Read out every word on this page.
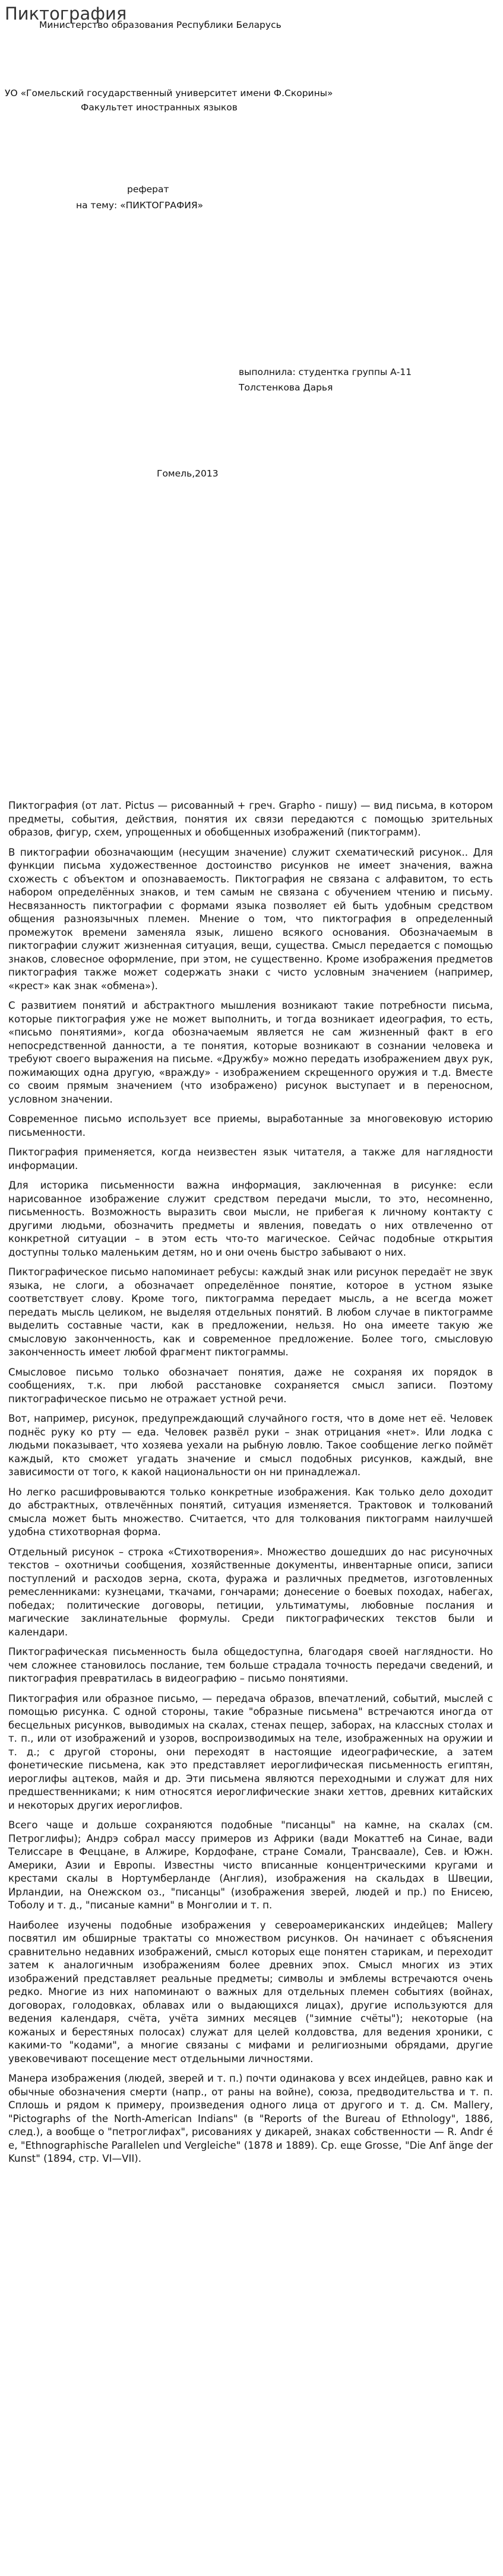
Пиктография
Министерство образования Республики Беларусь
УО «Гомельский государственный университет имени Ф.Скорины»
Факультет иностранных языков
реферат
на тему: «ПИКТОГРАФИЯ»
выполнила: студентка группы А-11
Толстенкова Дарья
Гомель,2013

Пиктография (от лат. Pictus — рисованный + греч. Grapho - пишу) — вид письма, в котором предметы, события, действия, понятия их связи передаются с помощью зрительных образов, фигур, схем, упрощенных и обобщенных изображений (пиктограмм).

В пиктографии обозначающим (несущим значение) служит схематический рисунок.. Для функции письма художественное достоинство рисунков не имеет значения, важна схожесть с объектом и опознаваемость. Пиктография не связана с алфавитом, то есть набором определённых знаков, и тем самым не связана с обучением чтению и письму. Несвязанность пиктографии с формами языка позволяет ей быть удобным средством общения разноязычных племен. Мнение о том, что пиктография в определенный промежуток времени заменяла язык, лишено всякого основания. Обозначаемым в пиктографии служит жизненная ситуация, вещи, существа. Смысл передается с помощью знаков, словесное оформление, при этом, не существенно. Кроме изображения предметов пиктография также может содержать знаки с чисто условным значением (например, «крест» как знак «обмена»).

С развитием понятий и абстрактного мышления возникают такие потребности письма, которые пиктография уже не может выполнить, и тогда возникает идеография, то есть, «письмо понятиями», когда обозначаемым является не сам жизненный факт в его непосредственной данности, а те понятия, которые возникают в сознании человека и требуют своего выражения на письме. «Дружбу» можно передать изображением двух рук, пожимающих одна другую, «вражду» - изображением скрещенного оружия и т.д. Вместе со своим прямым значением (что изображено) рисунок выступает и в переносном, условном значении.

Современное письмо использует все приемы, выработанные за многовековую историю письменности.

Пиктография применяется, когда неизвестен язык читателя, а также для наглядности информации.

Для историка письменности важна информация, заключенная в рисунке: если нарисованное изображение служит средством передачи мысли, то это, несомненно, письменность. Возможность выразить свои мысли, не прибегая к личному контакту с другими людьми, обозначить предметы и явления, поведать о них отвлеченно от конкретной ситуации – в этом есть что-то магическое. Сейчас подобные открытия доступны только маленьким детям, но и они очень быстро забывают о них.

Пиктографическое письмо напоминает ребусы: каждый знак или рисунок передаёт не звук языка, не слоги, а обозначает определённое понятие, которое в устном языке соответствует слову. Кроме того, пиктограмма передает мысль, а не всегда может передать мысль целиком, не выделяя отдельных понятий. В любом случае в пиктограмме выделить составные части, как в предложении, нельзя. Но она имеете такую же смысловую законченность, как и современное предложение. Более того, смысловую законченность имеет любой фрагмент пиктограммы.

Смысловое письмо только обозначает понятия, даже не сохраняя их порядок в сообщениях, т.к. при любой расстановке сохраняется смысл записи. Поэтому пиктографическое письмо не отражает устной речи.

Вот, например, рисунок, предупреждающий случайного гостя, что в доме нет её. Человек поднёс руку ко рту — еда. Человек развёл руки – знак отрицания «нет». Или лодка с людьми показывает, что хозяева уехали на рыбную ловлю. Такое сообщение легко поймёт каждый, кто сможет угадать значение и смысл подобных рисунков, каждый, вне зависимости от того, к какой национальности он ни принадлежал.

Но легко расшифровываются только конкретные изображения. Как только дело доходит до абстрактных, отвлечённых понятий, ситуация изменяется. Трактовок и толкований смысла может быть множество. Считается, что для толкования пиктограмм наилучшей удобна стихотворная форма.

Отдельный рисунок – строка «Стихотворения». Множество дошедших до нас рисуночных текстов – охотничьи сообщения, хозяйственные документы, инвентарные описи, записи поступлений и расходов зерна, скота, фуража и различных предметов, изготовленных ремесленниками: кузнецами, ткачами, гончарами; донесение о боевых походах, набегах, победах; политические договоры, петиции, ультиматумы, любовные послания и магические заклинательные формулы. Среди пиктографических текстов были и календари.

Пиктографическая письменность была общедоступна, благодаря своей наглядности. Но чем сложнее становилось послание, тем больше страдала точность передачи сведений, и пиктография превратилась в видеографию – письмо понятиями.

Пиктография или образное письмо, — передача образов, впечатлений, событий, мыслей с помощью рисунка. С одной стороны, такие "образные письмена" встречаются иногда от бесцельных рисунков, выводимых на скалах, стенах пещер, заборах, на классных столах и т. п., или от изображений и узоров, воспроизводимых на теле, изображенных на оружии и т. д.; с другой стороны, они переходят в настоящие идеографические, а затем фонетические письмена, как это представляет иероглифическая письменность египтян, иероглифы ацтеков, майя и др. Эти письмена являются переходными и служат для них предшественниками; к ним относятся иероглифические знаки хеттов, древних китайских и некоторых других иероглифов.

Всего чаще и дольше сохраняются подобные "писанцы" на камне, на скалах (см. Петроглифы); Андрэ собрал массу примеров из Африки (вади Мокаттеб на Синае, вади Телиссаре в Феццане, в Алжире, Кордофане, стране Сомали, Трансваале), Сев. и Южн. Америки, Азии и Европы. Известны чисто вписанные концентрическими кругами и крестами скалы в Нортумберланде (Англия), изображения на скальдах в Швеции, Ирландии, на Онежском оз., "писанцы" (изображения зверей, людей и пр.) по Енисею, Тоболу и т. д., "писаные камни" в Монголии и т. п.

Наиболее изучены подобные изображения у североамериканских индейцев; Mallery посвятил им обширные трактаты со множеством рисунков. Он начинает с объяснения сравнительно недавних изображений, смысл которых еще понятен старикам, и переходит затем к аналогичным изображениям более древних эпох. Смысл многих из этих изображений представляет реальные предметы; символы и эмблемы встречаются очень редко. Многие из них напоминают о важных для отдельных племен событиях (войнах, договорах, голодовках, облавах или о выдающихся лицах), другие используются для ведения календаря, счёта, учёта зимних месяцев ("зимние счёты"); некоторые (на кожаных и берестяных полосах) служат для целей колдовства, для ведения хроники, с какими-то "кодами", а многие связаны с мифами и религиозными обрядами, другие увековечивают посещение мест отдельными личностями.

Манера изображения (людей, зверей и т. п.) почти одинакова у всех индейцев, равно как и обычные обозначения смерти (напр., от раны на войне), союза, предводительства и т. п. Сплошь и рядом к примеру, произведения одного лица от другого и т. д. См. Mallery, "Pictographs of the North-American Indians" (в "Reports of the Bureau of Ethnology", 1886, след.), а вообще о "петроглифах", рисованиях у дикарей, знаках собственности — R. Andr é e, "Ethnographische Parallelen und Vergleiche" (1878 и 1889). Ср. еще Grosse, "Die Anf änge der Kunst" (1894, стр. VI—VII).
